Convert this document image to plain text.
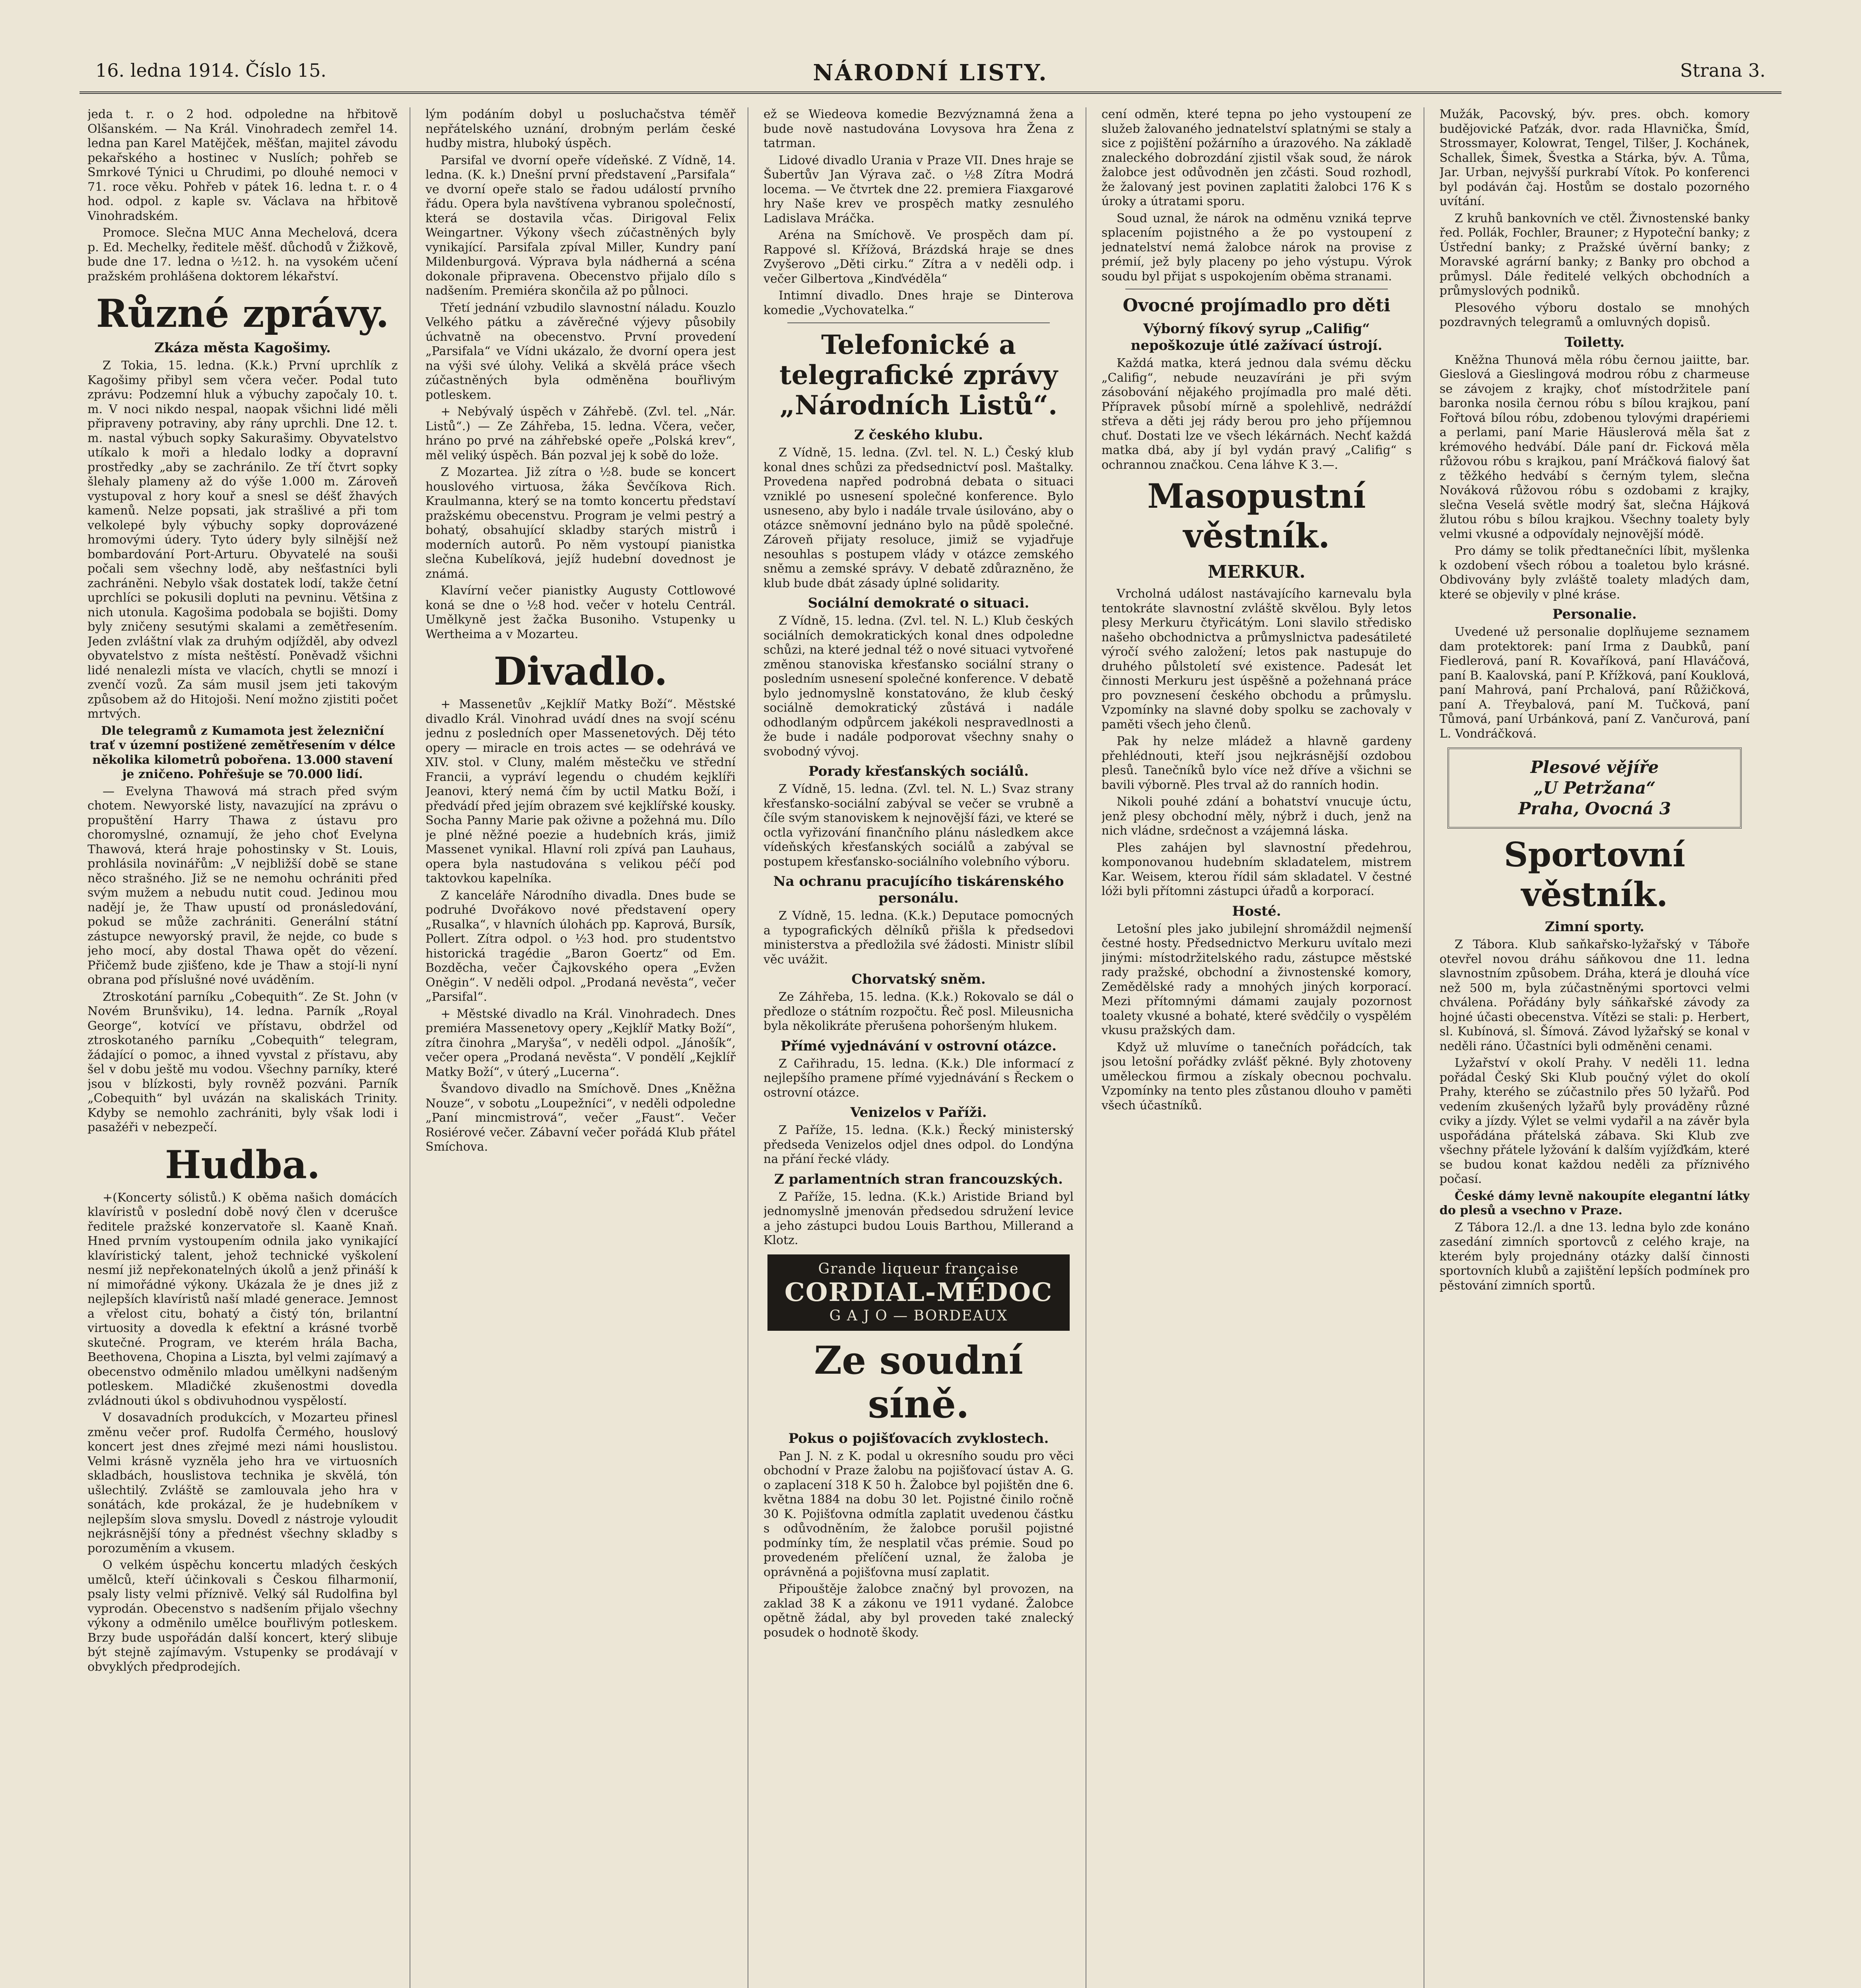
16. ledna 1914. Číslo 15.	NÁRODNÍ LISTY.	Strana 3.

jeda t. r. o 2 hod. odpoledne na hřbitově Olšanském. — Na Král. Vinohradech zemřel 14. ledna pan Karel Matějček, měšťan, majitel závodu pekařského a hostinec v Nuslích; pohřeb se Smrkové Týnici u Chrudimi, po dlouhé nemoci v 71. roce věku. Pohřeb v pátek 16. ledna t. r. o 4 hod. odpol. z kaple sv. Václava na hřbitově Vinohradském.

Promoce. Slečna MUC Anna Mechelová, dcera p. Ed. Mechelky, ředitele měšť. důchodů v Žižkově, bude dne 17. ledna o ½12. h. na vysokém učení pražském prohlášena doktorem lékařství.

Různé zprávy.
Zkáza města Kagošimy.

Z Tokia, 15. ledna. (K.k.) První uprchlík z Kagošimy přibyl sem včera večer. Podal tuto zprávu: Podzemní hluk a výbuchy započaly 10. t. m. V noci nikdo nespal, naopak všichni lidé měli připraveny potraviny, aby rány uprchli. Dne 12. t. m. nastal výbuch sopky Sakurašimy. Obyvatelstvo utíkalo k moři a hledalo lodky a dopravní prostředky „aby se zachránilo. Ze tří čtvrt sopky šlehaly plameny až do výše 1.000 m. Zároveň vystupoval z hory kouř a snesl se déšť žhavých kamenů. Nelze popsati, jak strašlivé a při tom velkolepé byly výbuchy sopky doprovázené hromovými údery. Tyto údery byly silnější než bombardování Port-Arturu. Obyvatelé na souši počali sem všechny lodě, aby nešťastníci byli zachráněni. Nebylo však dostatek lodí, takže četní uprchlíci se pokusili dopluti na pevninu. Většina z nich utonula. Kagošima podobala se bojišti. Domy byly zničeny sesutými skalami a zemětřesením. Jeden zvláštní vlak za druhým odjížděl, aby odvezl obyvatelstvo z místa neštěstí. Poněvadž všichni lidé nenalezli místa ve vlacích, chytli se mnozí i zvenčí vozů. Za sám musil jsem jeti takovým způsobem až do Hitojoši. Není možno zjistiti počet mrtvých.

Dle telegramů z Kumamota jest železniční trať v územní postižené zemětřesením v délce několika kilometrů pobořena. 13.000 stavení je zničeno. Pohřešuje se 70.000 lidí.

— Evelyna Thawová má strach před svým chotem. Newyorské listy, navazující na zprávu o propuštění Harry Thawa z ústavu pro choromyslné, oznamují, že jeho choť Evelyna Thawová, která hraje pohostinsky v St. Louis, prohlásila novinářům: „V nejbližší době se stane něco strašného. Již se ne nemohu ochrániti před svým mužem a nebudu nutit coud. Jedinou mou nadějí je, že Thaw upustí od pronásledování, pokud se může zachrániti. Generální státní zástupce newyorský pravil, že nejde, co bude s jeho mocí, aby dostal Thawa opět do vězení. Přičemž bude zjišťeno, kde je Thaw a stojí-li nyní obrana pod příslušné nové uváděním.

Ztroskotání parníku „Cobequith“. Ze St. John (v Novém Brunšviku), 14. ledna. Parník „Royal George“, kotvící ve přístavu, obdržel od ztroskotaného parníku „Cobequith“ telegram, žádající o pomoc, a ihned vyvstal z přístavu, aby šel v dobu ještě mu vodou. Všechny parníky, které jsou v blízkosti, byly rovněž pozváni. Parník „Cobequith“ byl uvázán na skaliskách Trinity. Kdyby se nemohlo zachrániti, byly však lodi i pasažéři v nebezpečí.

Hudba.

+(Koncerty sólistů.) K oběma našich domácích klavíristů v poslední době nový člen v dcerušce ředitele pražské konzervatoře sl. Kaaně Knaň. Hned prvním vystoupením odnila jako vynikající klavíristický talent, jehož technické vyškolení nesmí již nepřekonatelných úkolů a jenž přináší k ní mimořádné výkony. Ukázala že je dnes již z nejlepších klavíristů naší mladé generace. Jemnost a vřelost citu, bohatý a čistý tón, brilantní virtuosity a dovedla k efektní a krásné tvorbě skutečné. Program, ve kterém hrála Bacha, Beethovena, Chopina a Liszta, byl velmi zajímavý a obecenstvo odměnilo mladou umělkyni nadšeným potleskem. Mladičké zkušenostmi dovedla zvládnouti úkol s obdivuhodnou vyspělostí.

V dosavadních produkcích, v Mozarteu přinesl změnu večer prof. Rudolfa Čermého, houslový koncert jest dnes zřejmé mezi námi houslistou. Velmi krásně vyzněla jeho hra ve virtuosních skladbách, houslistova technika je skvělá, tón ušlechtilý. Zvláště se zamlouvala jeho hra v sonátách, kde prokázal, že je hudebníkem v nejlepším slova smyslu. Dovedl z nástroje vyloudit nejkrásnější tóny a přednést všechny skladby s porozuměním a vkusem.

O velkém úspěchu koncertu mladých českých umělců, kteří účinkovali s Českou filharmonií, psaly listy velmi příznivě. Velký sál Rudolfina byl vyprodán. Obecenstvo s nadšením přijalo všechny výkony a odměnilo umělce bouřlivým potleskem. Brzy bude uspořádán další koncert, který slibuje být stejně zajímavým. Vstupenky se prodávají v obvyklých předprodejích.

lým podáním dobyl u posluchačstva téměř nepřátelského uznání, drobným perlám české hudby mistra, hluboký úspěch.

Parsifal ve dvorní opeře vídeňské. Z Vídně, 14. ledna. (K. k.) Dnešní první představení „Parsifala“ ve dvorní opeře stalo se řadou událostí prvního řádu. Opera byla navštívena vybranou společností, která se dostavila včas. Dirigoval Felix Weingartner. Výkony všech zúčastněných byly vynikající. Parsifala zpíval Miller, Kundry paní Mildenburgová. Výprava byla nádherná a scéna dokonale připravena. Obecenstvo přijalo dílo s nadšením. Premiéra skončila až po půlnoci.

Třetí jednání vzbudilo slavnostní náladu. Kouzlo Velkého pátku a závěrečné výjevy působily úchvatně na obecenstvo. První provedení „Parsifala“ ve Vídni ukázalo, že dvorní opera jest na výši své úlohy. Veliká a skvělá práce všech zúčastněných byla odměněna bouřlivým potleskem.

+ Nebývalý úspěch v Záhřebě. (Zvl. tel. „Nár. Listů“.) — Ze Záhřeba, 15. ledna. Včera, večer, hráno po prvé na záhřebské opeře „Polská krev“, měl veliký úspěch. Bán pozval jej k sobě do lože.

Z Mozartea. Již zítra o ½8. bude se koncert houslového virtuosa, žáka Ševčíkova Rich. Kraulmanna, který se na tomto koncertu představí pražskému obecenstvu. Program je velmi pestrý a bohatý, obsahující skladby starých mistrů i moderních autorů. Po něm vystoupí pianistka slečna Kubelíková, jejíž hudební dovednost je známá.

Klavírní večer pianistky Augusty Cottlowové koná se dne o ½8 hod. večer v hotelu Centrál. Umělkyně jest žačka Busoniho. Vstupenky u Wertheima a v Mozarteu.

Divadlo.

+ Massenetův „Kejklíř Matky Boží“. Městské divadlo Král. Vinohrad uvádí dnes na svojí scénu jednu z posledních oper Massenetových. Děj této opery — miracle en trois actes — se odehrává ve XIV. stol. v Cluny, malém městečku ve střední Francii, a vypráví legendu o chudém kejklíři Jeanovi, který nemá čím by uctil Matku Boží, i předvádí před jejím obrazem své kejklířské kousky. Socha Panny Marie pak oživne a požehná mu. Dílo je plné něžné poezie a hudebních krás, jimiž Massenet vynikal. Hlavní roli zpívá pan Lauhaus, opera byla nastudována s velikou péčí pod taktovkou kapelníka.

Z kanceláře Národního divadla. Dnes bude se podruhé Dvořákovo nové představení opery „Rusalka“, v hlavních úlohách pp. Kaprová, Bursík, Pollert. Zítra odpol. o ½3 hod. pro studentstvo historická tragédie „Baron Goertz“ od Em. Bozděcha, večer Čajkovského opera „Evžen Oněgin“. V neděli odpol. „Prodaná nevěsta“, večer „Parsifal“.

+ Městské divadlo na Král. Vinohradech. Dnes premiéra Massenetovy opery „Kejklíř Matky Boží“, zítra činohra „Maryša“, v neděli odpol. „Jánošík“, večer opera „Prodaná nevěsta“. V pondělí „Kejklíř Matky Boží“, v úterý „Lucerna“.

Švandovo divadlo na Smíchově. Dnes „Kněžna Nouze“, v sobotu „Loupežníci“, v neděli odpoledne „Paní mincmistrová“, večer „Faust“. Večer Rosiérové večer. Zábavní večer pořádá Klub přátel Smíchova.

ež se Wiedeova komedie Bezvýznamná žena a bude nově nastudována Lovysova hra Žena z tatrman.

Lidové divadlo Urania v Praze VII. Dnes hraje se Šubertův Jan Výrava zač. o ½8 Zítra Modrá locema. — Ve čtvrtek dne 22. premiera Fiaxgarové hry Naše krev ve prospěch matky zesnulého Ladislava Mráčka.

Aréna na Smíchově. Ve prospěch dam pí. Rappové sl. Křížová, Brázdská hraje se dnes Zvyšerovo „Děti cirku.“ Zítra a v neděli odp. i večer Gilbertova „Kinďvéděla“

Intimní divadlo. Dnes hraje se Dinterova komedie „Vychovatelka.“

Telefonické a telegrafické zprávy „Národních Listů“.
Z českého klubu.

Z Vídně, 15. ledna. (Zvl. tel. N. L.) Český klub konal dnes schůzi za předsednictví posl. Maštalky. Provedena napřed podrobná debata o situaci vzniklé po usnesení společné konference. Bylo usneseno, aby bylo i nadále trvale úsilováno, aby o otázce sněmovní jednáno bylo na půdě společné. Zároveň přijaty resoluce, jimiž se vyjadřuje nesouhlas s postupem vlády v otázce zemského sněmu a zemské správy. V debatě zdůrazněno, že klub bude dbát zásady úplné solidarity.

Sociální demokraté o situaci.

Z Vídně, 15. ledna. (Zvl. tel. N. L.) Klub českých sociálních demokratických konal dnes odpoledne schůzi, na které jednal též o nové situaci vytvořené změnou stanoviska křesťansko sociální strany o posledním usnesení společné konference. V debatě bylo jednomyslně konstatováno, že klub český sociálně demokratický zůstává i nadále odhodlaným odpůrcem jakékoli nespravedlnosti a že bude i nadále podporovat všechny snahy o svobodný vývoj.

Porady křesťanských sociálů.

Z Vídně, 15. ledna. (Zvl. tel. N. L.) Svaz strany křesťansko-sociální zabýval se večer se vrubně a číle svým stanoviskem k nejnovější fázi, ve které se octla vyřizování finančního plánu následkem akce vídeňských křesťanských sociálů a zabýval se postupem křesťansko-sociálního volebního výboru.

Na ochranu pracujícího tiskárenského personálu.

Z Vídně, 15. ledna. (K.k.) Deputace pomocných a typografických dělníků přišla k předsedovi ministerstva a předložila své žádosti. Ministr slíbil věc uvážit.

Chorvatský sněm.

Ze Záhřeba, 15. ledna. (K.k.) Rokovalo se dál o předloze o státním rozpočtu. Řeč posl. Mileusnicha byla několikráte přerušena pohoršeným hlukem.

Přímé vyjednávání v ostrovní otázce.

Z Cařihradu, 15. ledna. (K.k.) Dle informací z nejlepšího pramene přímé vyjednávání s Řeckem o ostrovní otázce.

Venizelos v Paříži.

Z Paříže, 15. ledna. (K.k.) Řecký ministerský předseda Venizelos odjel dnes odpol. do Londýna na přání řecké vlády.

Z parlamentních stran francouzských.

Z Paříže, 15. ledna. (K.k.) Aristide Briand byl jednomyslně jmenován předsedou sdružení levice a jeho zástupci budou Louis Barthou, Millerand a Klotz.

Grande liqueur française
CORDIAL-MÉDOC
G A J O — BORDEAUX
Ze soudní síně.
Pokus o pojišťovacích zvyklostech.

Pan J. N. z K. podal u okresního soudu pro věci obchodní v Praze žalobu na pojišťovací ústav A. G. o zaplacení 318 K 50 h. Žalobce byl pojištěn dne 6. května 1884 na dobu 30 let. Pojistné činilo ročně 30 K. Pojišťovna odmítla zaplatit uvedenou částku s odůvodněním, že žalobce porušil pojistné podmínky tím, že nesplatil včas prémie. Soud po provedeném přelíčení uznal, že žaloba je oprávněná a pojišťovna musí zaplatit.

Připouštěje žalobce značný byl provozen, na zaklad 38 K a zákonu ve 1911 vydané. Žalobce opětně žádal, aby byl proveden také znalecký posudek o hodnotě škody.

cení odměn, které tepna po jeho vystoupení ze služeb žalovaného jednatelství splatnými se staly a sice z pojištění požárního a úrazového. Na základě znaleckého dobrozdání zjistil však soud, že nárok žalobce jest odůvodněn jen zčásti. Soud rozhodl, že žalovaný jest povinen zaplatiti žalobci 176 K s úroky a útratami sporu.

Soud uznal, že nárok na odměnu vzniká teprve splacením pojistného a že po vystoupení z jednatelství nemá žalobce nárok na provise z prémií, jež byly placeny po jeho výstupu. Výrok soudu byl přijat s uspokojením oběma stranami.

Ovocné projímadlo pro děti
Výborný fíkový syrup „Califig“ nepoškozuje útlé zažívací ústrojí.

Každá matka, která jednou dala svému děcku „Califig“, nebude neuzavíráni je při svým zásobování nějakého projímadla pro malé děti. Přípravek působí mírně a spolehlivě, nedráždí střeva a děti jej rády berou pro jeho příjemnou chuť. Dostati lze ve všech lékárnách. Nechť každá matka dbá, aby jí byl vydán pravý „Califig“ s ochrannou značkou. Cena láhve K 3.—.

Masopustní věstník.
MERKUR.

Vrcholná událost nastávajícího karnevalu byla tentokráte slavnostní zvláště skvělou. Byly letos plesy Merkuru čtyřicátým. Loni slavilo středisko našeho obchodnictva a průmyslnictva padesátileté výročí svého založení; letos pak nastupuje do druhého půlstoletí své existence. Padesát let činnosti Merkuru jest úspěšně a požehnaná práce pro povznesení českého obchodu a průmyslu. Vzpomínky na slavné doby spolku se zachovaly v paměti všech jeho členů.

Pak hy nelze mládež a hlavně gardeny přehlédnouti, kteří jsou nejkrásnější ozdobou plesů. Tanečníků bylo více než dříve a všichni se bavili výborně. Ples trval až do ranních hodin.

Nikoli pouhé zdání a bohatství vnucuje úctu, jenž plesy obchodní měly, nýbrž i duch, jenž na nich vládne, srdečnost a vzájemná láska.

Ples zahájen byl slavnostní předehrou, komponovanou hudebním skladatelem, mistrem Kar. Weisem, kterou řídil sám skladatel. V čestné lóži byli přítomni zástupci úřadů a korporací.

Hosté.

Letošní ples jako jubilejní shromáždil nejmenší čestné hosty. Předsednictvo Merkuru uvítalo mezi jinými: místodržitelského radu, zástupce městské rady pražské, obchodní a živnostenské komory, Zemědělské rady a mnohých jiných korporací. Mezi přítomnými dámami zaujaly pozornost toalety vkusné a bohaté, které svědčily o vyspělém vkusu pražských dam.

Když už mluvíme o tanečních pořádcích, tak jsou letošní pořádky zvlášť pěkné. Byly zhotoveny uměleckou firmou a získaly obecnou pochvalu. Vzpomínky na tento ples zůstanou dlouho v paměti všech účastníků.

Mužák, Pacovský, býv. pres. obch. komory budějovické Paťzák, dvor. rada Hlavnička, Šmíd, Strossmayer, Kolowrat, Tengel, Tilšer, J. Kochánek, Schallek, Šimek, Švestka a Stárka, býv. A. Tůma, Jar. Urban, nejvyšší purkrabí Vítok. Po konferenci byl podáván čaj. Hostům se dostalo pozorného uvítání.

Z kruhů bankovních ve ctěl. Živnostenské banky řed. Pollák, Fochler, Brauner; z Hypoteční banky; z Ústřední banky; z Pražské úvěrní banky; z Moravské agrární banky; z Banky pro obchod a průmysl. Dále ředitelé velkých obchodních a průmyslových podniků.

Plesového výboru dostalo se mnohých pozdravných telegramů a omluvných dopisů.

Toiletty.

Kněžna Thunová měla róbu černou jaiitte, bar. Gieslová a Gieslingová modrou róbu z charmeuse se závojem z krajky, choť místodržitele paní baronka nosila černou róbu s bílou krajkou, paní Fořtová bílou róbu, zdobenou tylovými drapériemi a perlami, paní Marie Häuslerová měla šat z krémového hedvábí. Dále paní dr. Ficková měla růžovou róbu s krajkou, paní Mráčková fialový šat z těžkého hedvábí s černým tylem, slečna Nováková růžovou róbu s ozdobami z krajky, slečna Veselá světle modrý šat, slečna Hájková žlutou róbu s bílou krajkou. Všechny toalety byly velmi vkusné a odpovídaly nejnovější módě.

Pro dámy se tolik předtanečníci líbit, myšlenka k ozdobení všech róbou a toaletou bylo krásné. Obdivovány byly zvláště toalety mladých dam, které se objevily v plné kráse.

Personalie.

Uvedené už personalie doplňujeme seznamem dam protektorek: paní Irma z Daubků, paní Fiedlerová, paní R. Kovaříková, paní Hlaváčová, paní B. Kaalovská, paní P. Křížková, paní Kouklová, paní Mahrová, paní Prchalová, paní Růžičková, paní A. Třeybalová, paní M. Tučková, paní Tůmová, paní Urbánková, paní Z. Vančurová, paní L. Vondráčková.

Plesové vějíře
„U Petržana“
Praha, Ovocná 3
Sportovní věstník.
Zimní sporty.

Z Tábora. Klub saňkařsko-lyžařský v Táboře otevřel novou dráhu sáňkovou dne 11. ledna slavnostním způsobem. Dráha, která je dlouhá více než 500 m, byla zúčastněnými sportovci velmi chválena. Pořádány byly sáňkařské závody za hojné účasti obecenstva. Vítězi se stali: p. Herbert, sl. Kubínová, sl. Šímová. Závod lyžařský se konal v neděli ráno. Účastníci byli odměněni cenami.

Lyžařství v okolí Prahy. V neděli 11. ledna pořádal Český Ski Klub poučný výlet do okolí Prahy, kterého se zúčastnilo přes 50 lyžařů. Pod vedením zkušených lyžařů byly prováděny různé cviky a jízdy. Výlet se velmi vydařil a na závěr byla uspořádána přátelská zábava. Ski Klub zve všechny přátele lyžování k dalším vyjížďkám, které se budou konat každou neděli za příznivého počasí.

České dámy levně nakoupíte elegantní látky do plesů a vsechno v Praze.

Z Tábora 12./l. a dne 13. ledna bylo zde konáno zasedání zimních sportovců z celého kraje, na kterém byly projednány otázky další činnosti sportovních klubů a zajištění lepších podmínek pro pěstování zimních sportů.
